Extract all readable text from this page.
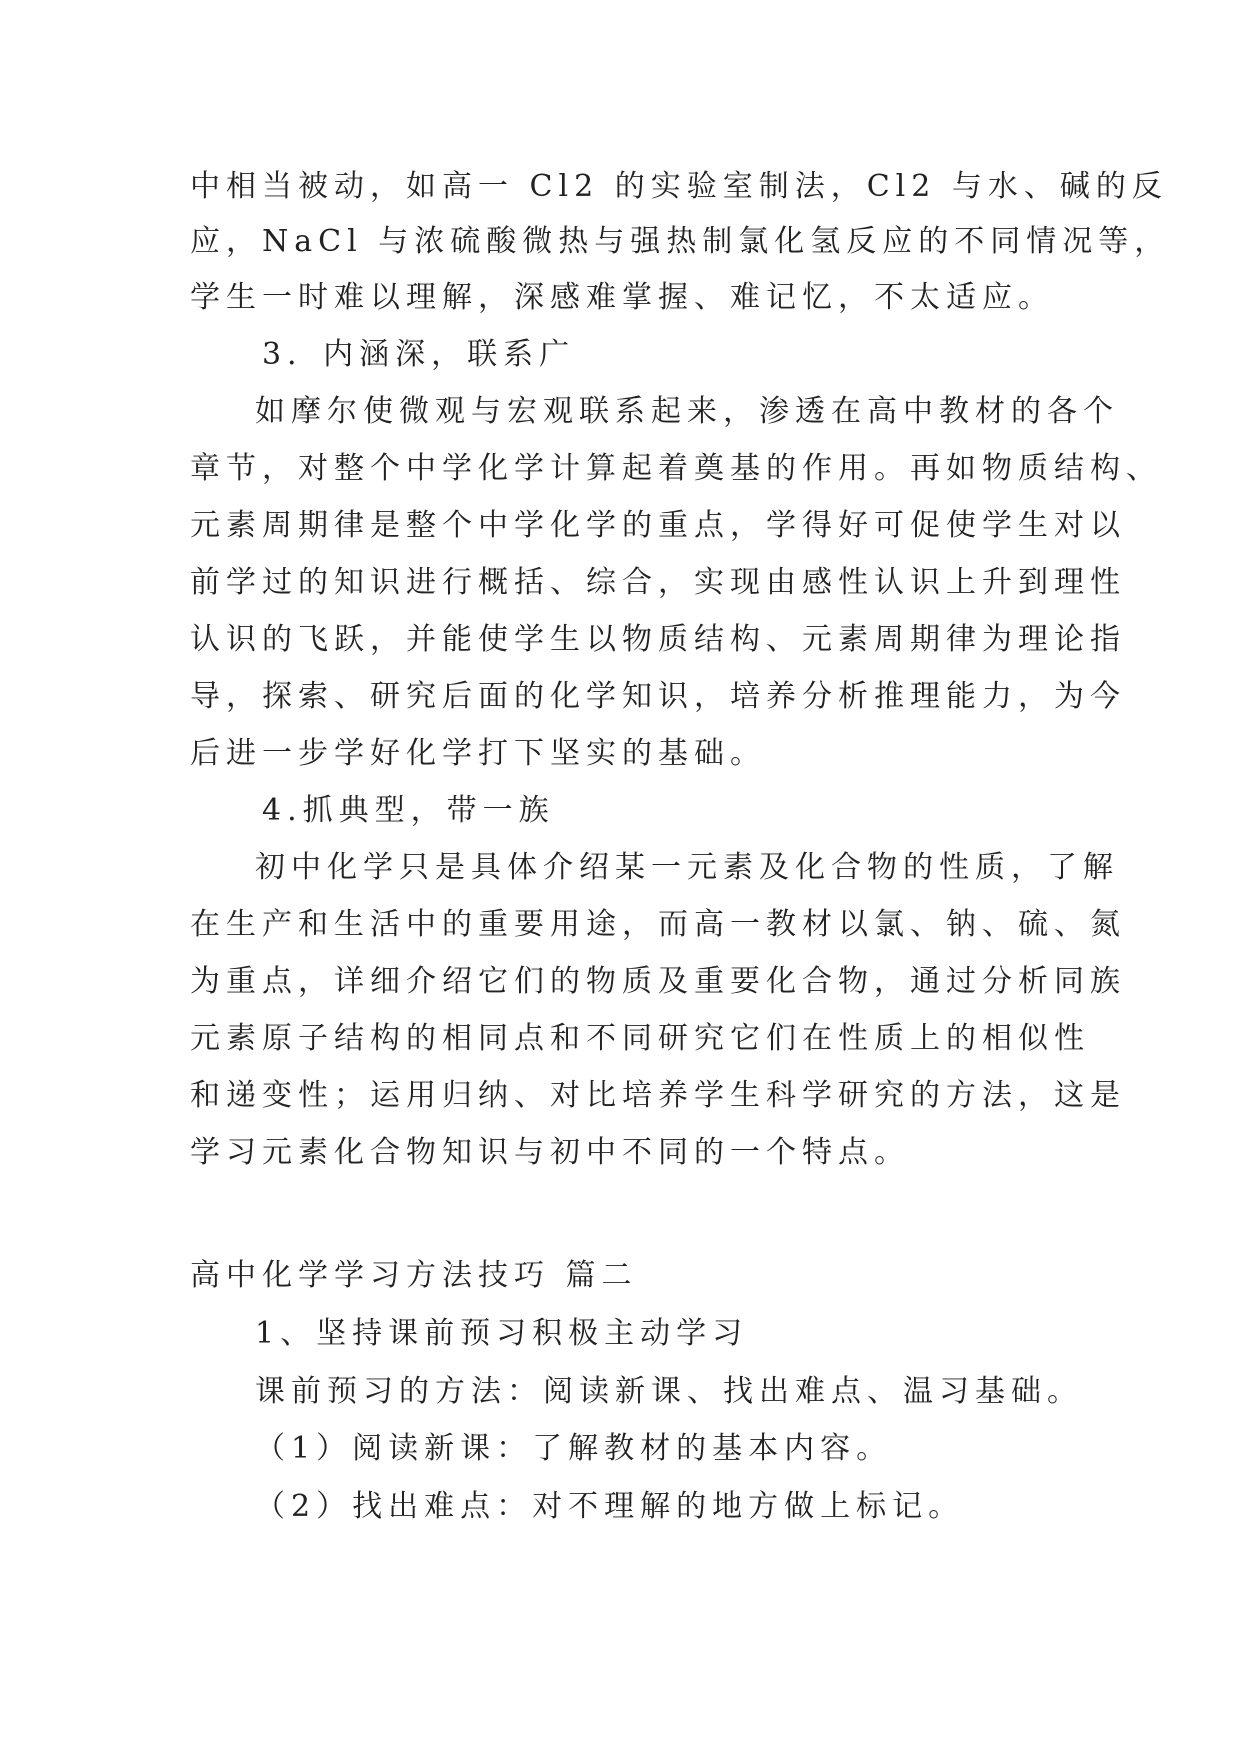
中相当被动，如高一 Cl2 的实验室制法，Cl2 与水、碱的反
应，NaCl 与浓硫酸微热与强热制氯化氢反应的不同情况等，
学生一时难以理解，深感难掌握、难记忆，不太适应。
3．内涵深，联系广
如摩尔使微观与宏观联系起来，渗透在高中教材的各个
章节，对整个中学化学计算起着奠基的作用。再如物质结构、
元素周期律是整个中学化学的重点，学得好可促使学生对以
前学过的知识进行概括、综合，实现由感性认识上升到理性
认识的飞跃，并能使学生以物质结构、元素周期律为理论指
导，探索、研究后面的化学知识，培养分析推理能力，为今
后进一步学好化学打下坚实的基础。
4.抓典型，带一族
初中化学只是具体介绍某一元素及化合物的性质，了解
在生产和生活中的重要用途，而高一教材以氯、钠、硫、氮
为重点，详细介绍它们的物质及重要化合物，通过分析同族
元素原子结构的相同点和不同研究它们在性质上的相似性
和递变性；运用归纳、对比培养学生科学研究的方法，这是
学习元素化合物知识与初中不同的一个特点。
高中化学学习方法技巧 篇二
1、坚持课前预习积极主动学习
课前预习的方法：阅读新课、找出难点、温习基础。
（1）阅读新课：了解教材的基本内容。
（2）找出难点：对不理解的地方做上标记。
